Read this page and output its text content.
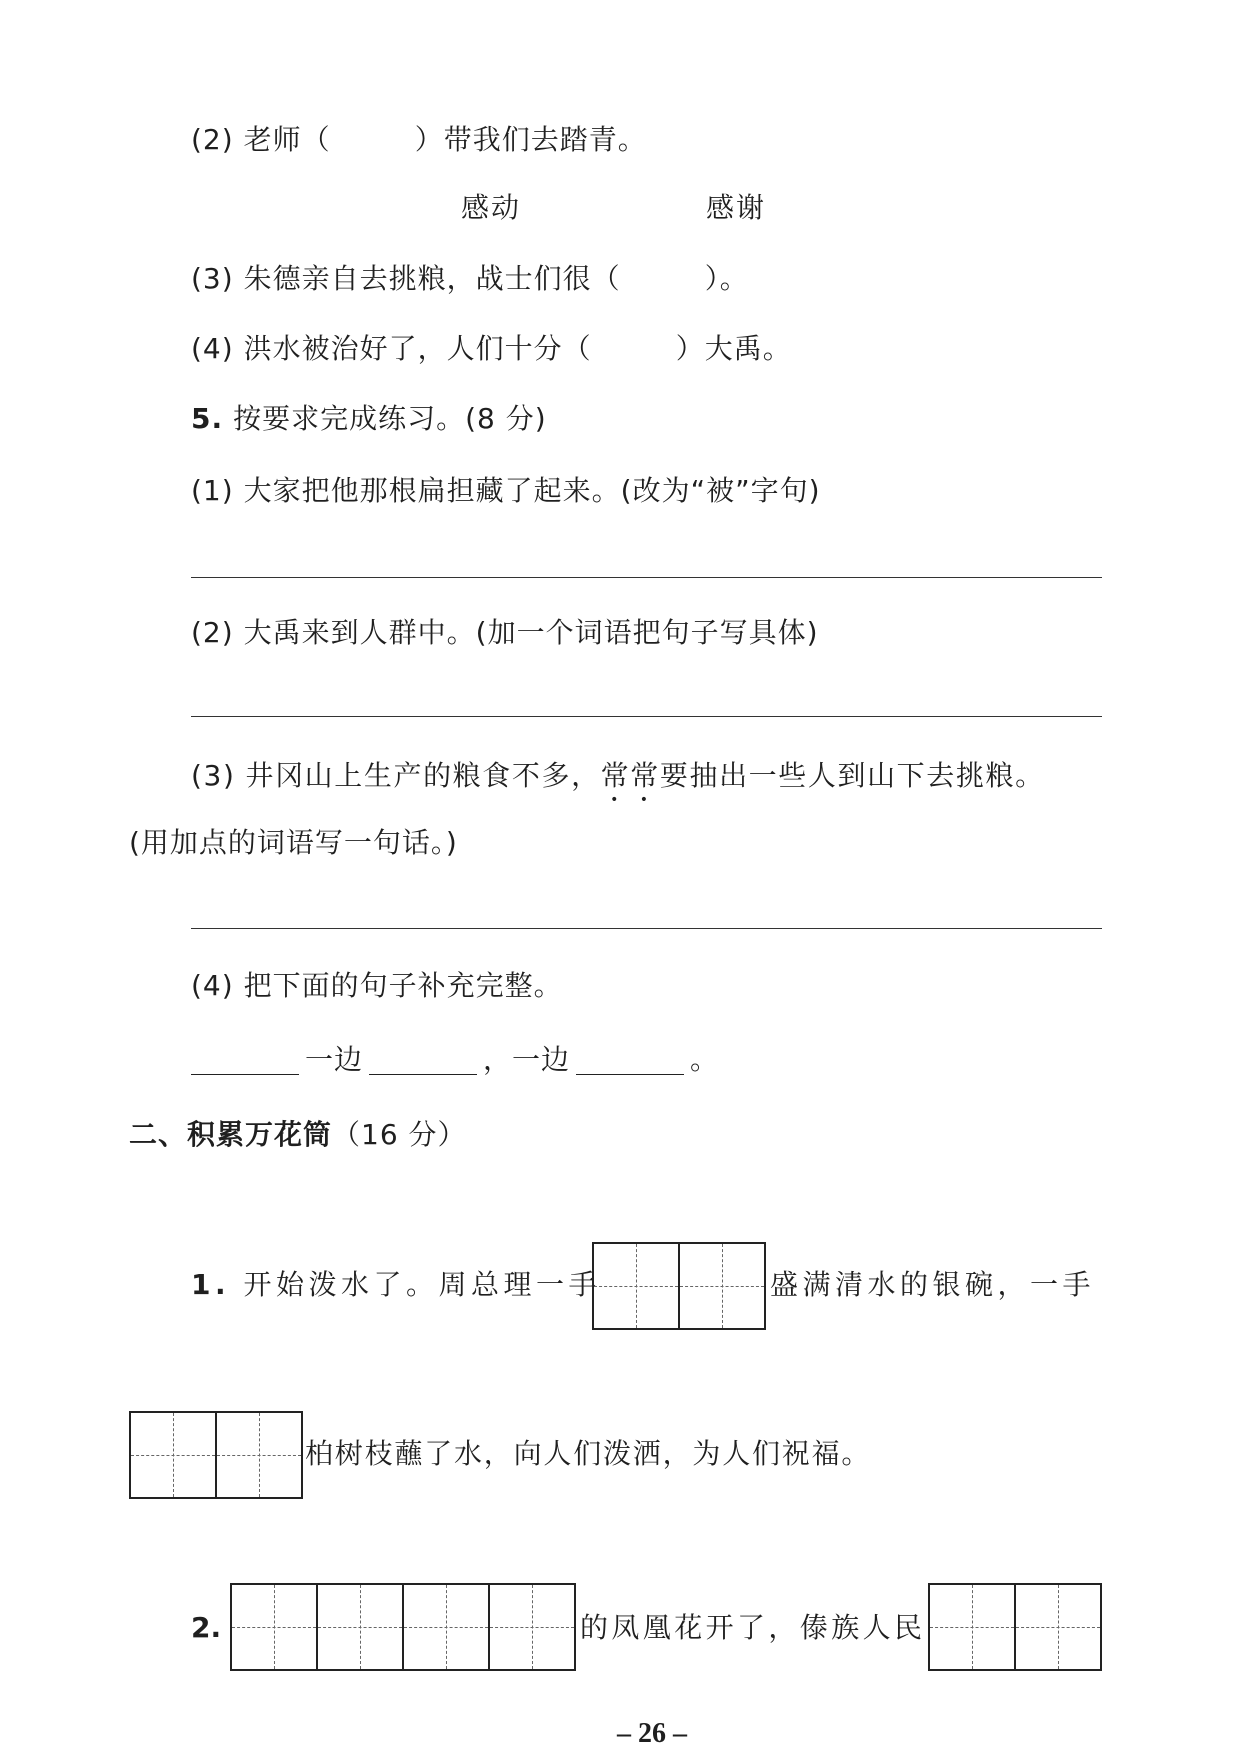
(2) 老师（	）带我们去踏青。
感动	感谢
(3) 朱德亲自去挑粮，战士们很（	）。
(4) 洪水被治好了，人们十分（	）大禹。
5. 按要求完成练习。(8 分)
(1) 大家把他那根扁担藏了起来。(改为“被”字句)
(2) 大禹来到人群中。(加一个词语把句子写具体)
(3) 井冈山上生产的粮食不多，常常要抽出一些人到山下去挑粮。
(用加点的词语写一句话。)
(4) 把下面的句子补充完整。
一边	，一边	。
二、积累万花筒（16 分）
1. 开始泼水了。周总理一手	盛满清水的银碗，一手
柏树枝蘸了水，向人们泼洒，为人们祝福。
2.	的凤凰花开了，傣族人民
– 26 –
